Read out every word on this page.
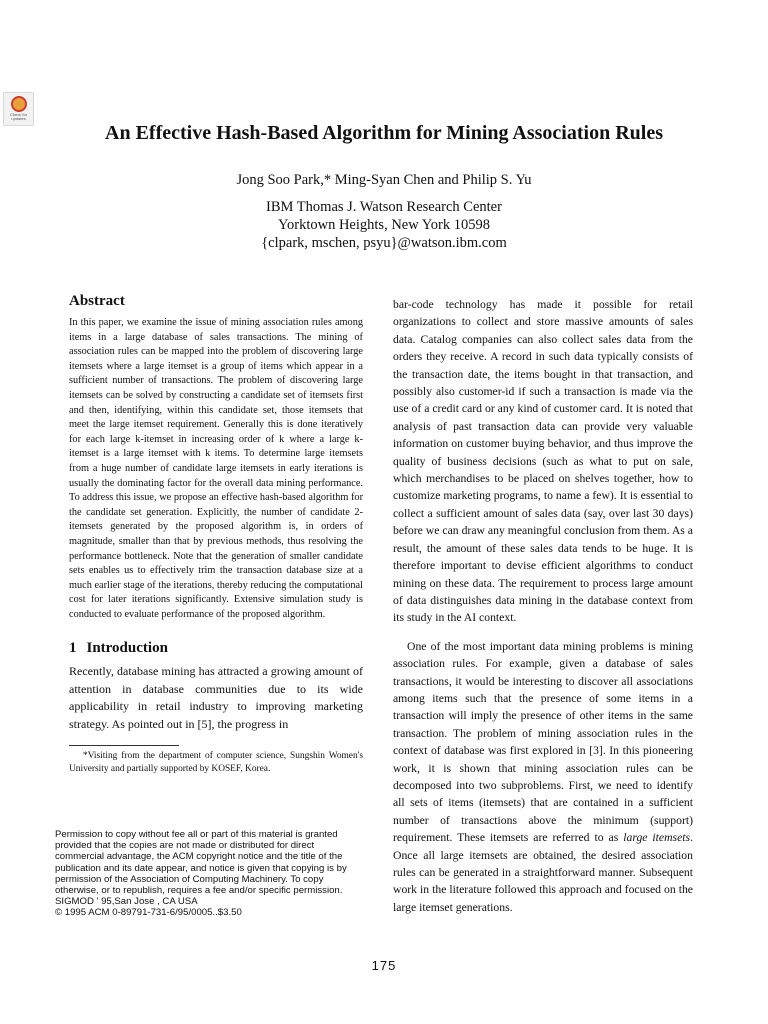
Check for updates
An Effective Hash-Based Algorithm for Mining Association Rules
Jong Soo Park,* Ming-Syan Chen and Philip S. Yu
IBM Thomas J. Watson Research Center
Yorktown Heights, New York 10598
{clpark, mschen, psyu}@watson.ibm.com
Abstract

In this paper, we examine the issue of mining association rules among items in a large database of sales transactions. The mining of association rules can be mapped into the problem of discovering large itemsets where a large itemset is a group of items which appear in a sufficient number of transactions. The problem of discovering large itemsets can be solved by constructing a candidate set of itemsets first and then, identifying, within this candidate set, those itemsets that meet the large itemset requirement. Generally this is done iteratively for each large k-itemset in increasing order of k where a large k-itemset is a large itemset with k items. To determine large itemsets from a huge number of candidate large itemsets in early iterations is usually the dominating factor for the overall data mining performance. To address this issue, we propose an effective hash-based algorithm for the candidate set generation. Explicitly, the number of candidate 2-itemsets generated by the proposed algorithm is, in orders of magnitude, smaller than that by previous methods, thus resolving the performance bottleneck. Note that the generation of smaller candidate sets enables us to effectively trim the transaction database size at a much earlier stage of the iterations, thereby reducing the computational cost for later iterations significantly. Extensive simulation study is conducted to evaluate performance of the proposed algorithm.

1 Introduction

Recently, database mining has attracted a growing amount of attention in database communities due to its wide applicability in retail industry to improving marketing strategy. As pointed out in [5], the progress in

*Visiting from the department of computer science, Sungshin Women's University and partially supported by KOSEF, Korea.

Permission to copy without fee all or part of this material is granted provided that the copies are not made or distributed for direct commercial advantage, the ACM copyright notice and the title of the publication and its date appear, and notice is given that copying is by permission of the Association of Computing Machinery. To copy otherwise, or to republish, requires a fee and/or specific permission.

SIGMOD ' 95,San Jose , CA USA

© 1995 ACM 0-89791-731-6/95/0005..$3.50

bar-code technology has made it possible for retail organizations to collect and store massive amounts of sales data. Catalog companies can also collect sales data from the orders they receive. A record in such data typically consists of the transaction date, the items bought in that transaction, and possibly also customer-id if such a transaction is made via the use of a credit card or any kind of customer card. It is noted that analysis of past transaction data can provide very valuable information on customer buying behavior, and thus improve the quality of business decisions (such as what to put on sale, which merchandises to be placed on shelves together, how to customize marketing programs, to name a few). It is essential to collect a sufficient amount of sales data (say, over last 30 days) before we can draw any meaningful conclusion from them. As a result, the amount of these sales data tends to be huge. It is therefore important to devise efficient algorithms to conduct mining on these data. The requirement to process large amount of data distinguishes data mining in the database context from its study in the AI context.

One of the most important data mining problems is mining association rules. For example, given a database of sales transactions, it would be interesting to discover all associations among items such that the presence of some items in a transaction will imply the presence of other items in the same transaction. The problem of mining association rules in the context of database was first explored in [3]. In this pioneering work, it is shown that mining association rules can be decomposed into two subproblems. First, we need to identify all sets of items (itemsets) that are contained in a sufficient number of transactions above the minimum (support) requirement. These itemsets are referred to as large itemsets. Once all large itemsets are obtained, the desired association rules can be generated in a straightforward manner. Subsequent work in the literature followed this approach and focused on the large itemset generations.

175
